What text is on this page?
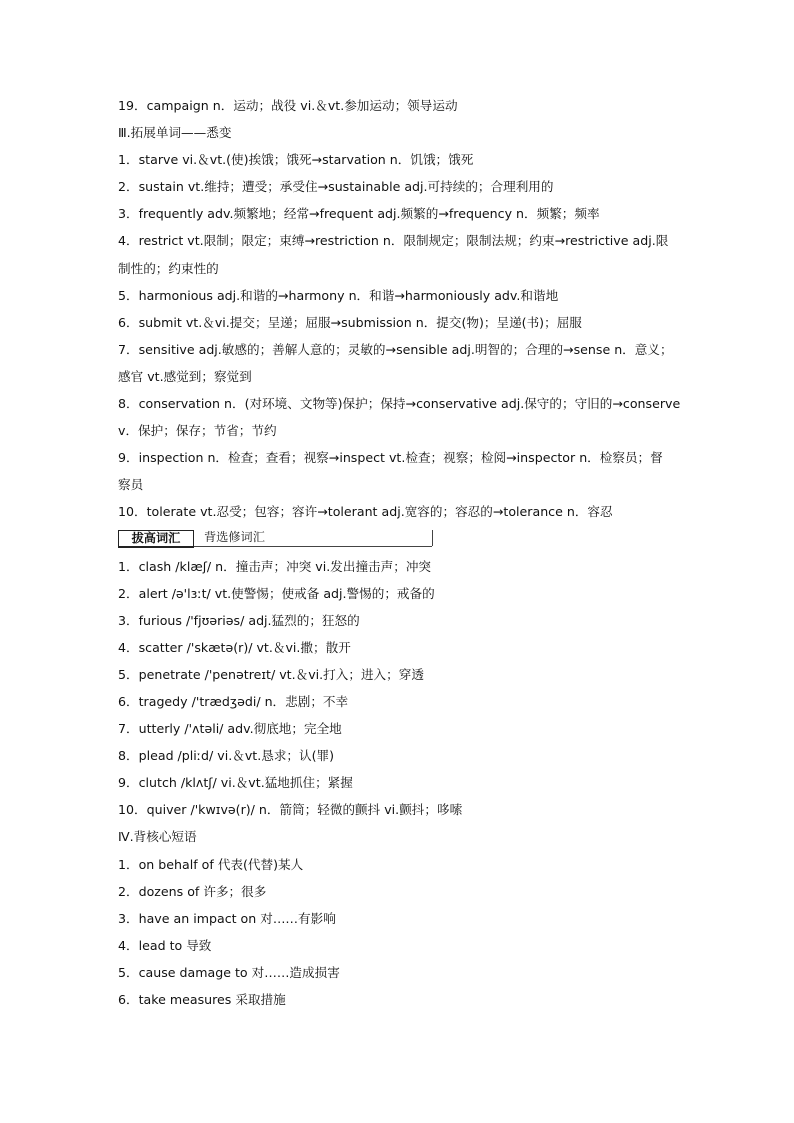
19．campaign n．运动；战役 vi.＆vt.参加运动；领导运动
Ⅲ.拓展单词——悉变
1．starve vi.＆vt.(使)挨饿；饿死→starvation n．饥饿；饿死
2．sustain vt.维持；遭受；承受住→sustainable adj.可持续的；合理利用的
3．frequently adv.频繁地；经常→frequent adj.频繁的→frequency n．频繁；频率
4．restrict vt.限制；限定；束缚→restriction n．限制规定；限制法规；约束→restrictive adj.限
制性的；约束性的
5．harmonious adj.和谐的→harmony n．和谐→harmoniously adv.和谐地
6．submit vt.＆vi.提交；呈递；屈服→submission n．提交(物)；呈递(书)；屈服
7．sensitive adj.敏感的；善解人意的；灵敏的→sensible adj.明智的；合理的→sense n．意义；
感官 vt.感觉到；察觉到
8．conservation n．(对环境、文物等)保护；保持→conservative adj.保守的；守旧的→conserve
v．保护；保存；节省；节约
9．inspection n．检查；查看；视察→inspect vt.检查；视察；检阅→inspector n．检察员；督
察员
10．tolerate vt.忍受；包容；容许→tolerant adj.宽容的；容忍的→tolerance n．容忍
拔高词汇	背选修词汇
1．clash /klæʃ/ n．撞击声；冲突 vi.发出撞击声；冲突
2．alert /ə'lɜːt/ vt.使警惕；使戒备 adj.警惕的；戒备的
3．furious /'fjʊəriəs/ adj.猛烈的；狂怒的
4．scatter /'skætə(r)/ vt.＆vi.撒；散开
5．penetrate /'penətreɪt/ vt.＆vi.打入；进入；穿透
6．tragedy /'trædʒədi/ n．悲剧；不幸
7．utterly /'ʌtəli/ adv.彻底地；完全地
8．plead /pliːd/ vi.＆vt.恳求；认(罪)
9．clutch /klʌtʃ/ vi.＆vt.猛地抓住；紧握
10．quiver /'kwɪvə(r)/ n．箭筒；轻微的颤抖 vi.颤抖；哆嗦
Ⅳ.背核心短语
1．on behalf of 代表(代替)某人
2．dozens of 许多；很多
3．have an impact on 对……有影响
4．lead to 导致
5．cause damage to 对……造成损害
6．take measures 采取措施
